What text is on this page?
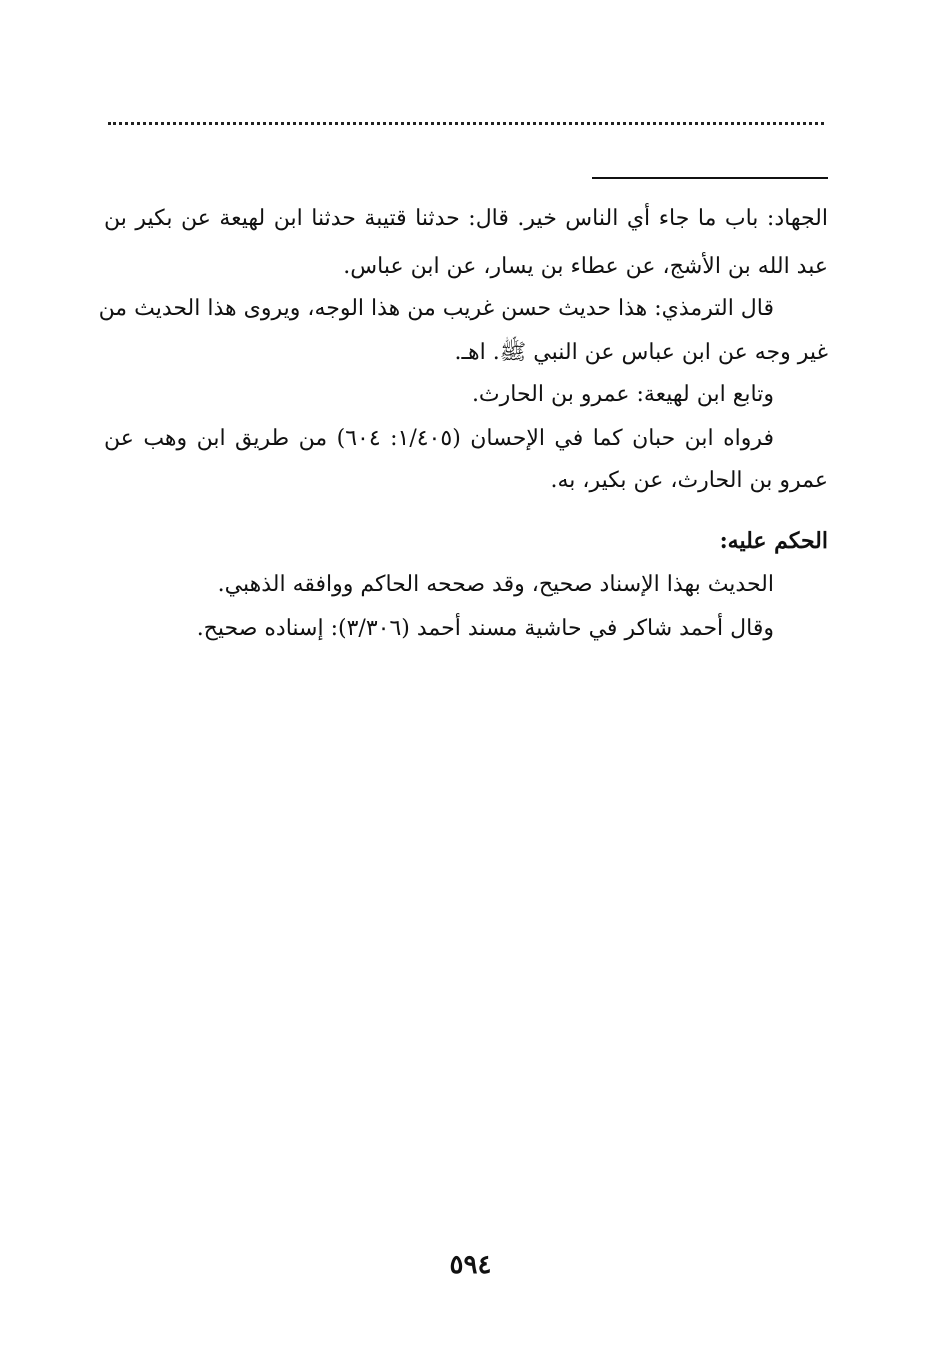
الجهاد: باب ما جاء أي الناس خير. قال: حدثنا قتيبة حدثنا ابن لهيعة عن بكير بن
عبد الله بن الأشج، عن عطاء بن يسار، عن ابن عباس.
قال الترمذي: هذا حديث حسن غريب من هذا الوجه، ويروى هذا الحديث من
غير وجه عن ابن عباس عن النبي ﷺ. اهـ.
وتابع ابن لهيعة: عمرو بن الحارث.
فرواه ابن حبان كما في الإحسان (١/٤٠٥: ٦٠٤) من طريق ابن وهب عن
عمرو بن الحارث، عن بكير، به.
الحكم عليه:
الحديث بهذا الإسناد صحيح، وقد صححه الحاكم ووافقه الذهبي.
وقال أحمد شاكر في حاشية مسند أحمد (٣/٣٠٦): إسناده صحيح.
٥٩٤
